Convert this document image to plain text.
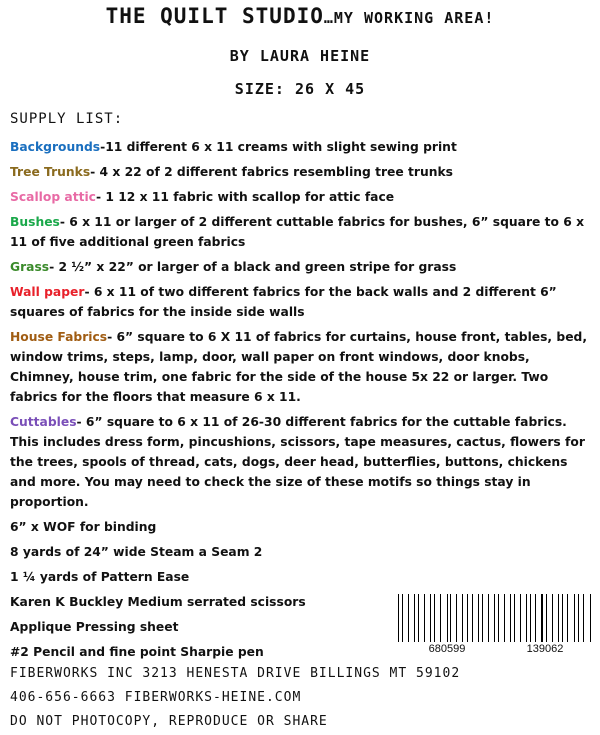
THE QUILT STUDIO…MY WORKING AREA!
BY LAURA HEINE
SIZE: 26 X 45
SUPPLY LIST:
Backgrounds-11 different 6 x 11 creams with slight sewing print
Tree Trunks- 4 x 22 of 2 different fabrics resembling tree trunks
Scallop attic- 1 12 x 11 fabric with scallop for attic face
Bushes- 6 x 11 or larger of 2 different cuttable fabrics for bushes, 6” square to 6 x 11 of five additional green fabrics
Grass- 2 ½” x 22” or larger of a black and green stripe for grass
Wall paper- 6 x 11 of two different fabrics for the back walls and 2 different 6” squares of fabrics for the inside side walls
House Fabrics- 6” square to 6 X 11 of fabrics for curtains, house front, tables, bed, window trims, steps, lamp, door, wall paper on front windows, door knobs, Chimney, house trim, one fabric for the side of the house 5x 22 or larger. Two fabrics for the floors that measure 6 x 11.
Cuttables- 6” square to 6 x 11 of 26-30 different fabrics for the cuttable fabrics. This includes dress form, pincushions, scissors, tape measures, cactus, flowers for the trees, spools of thread, cats, dogs, deer head, butterflies, buttons, chickens and more. You may need to check the size of these motifs so things stay in proportion.
6” x WOF for binding
8 yards of 24” wide Steam a Seam 2
1 ¼ yards of Pattern Ease
Karen K Buckley Medium serrated scissors
Applique Pressing sheet
#2 Pencil and fine point Sharpie pen	680599	139062
FIBERWORKS INC 3213 HENESTA DRIVE BILLINGS MT 59102
406-656-6663 FIBERWORKS-HEINE.COM
DO NOT PHOTOCOPY, REPRODUCE OR SHARE
